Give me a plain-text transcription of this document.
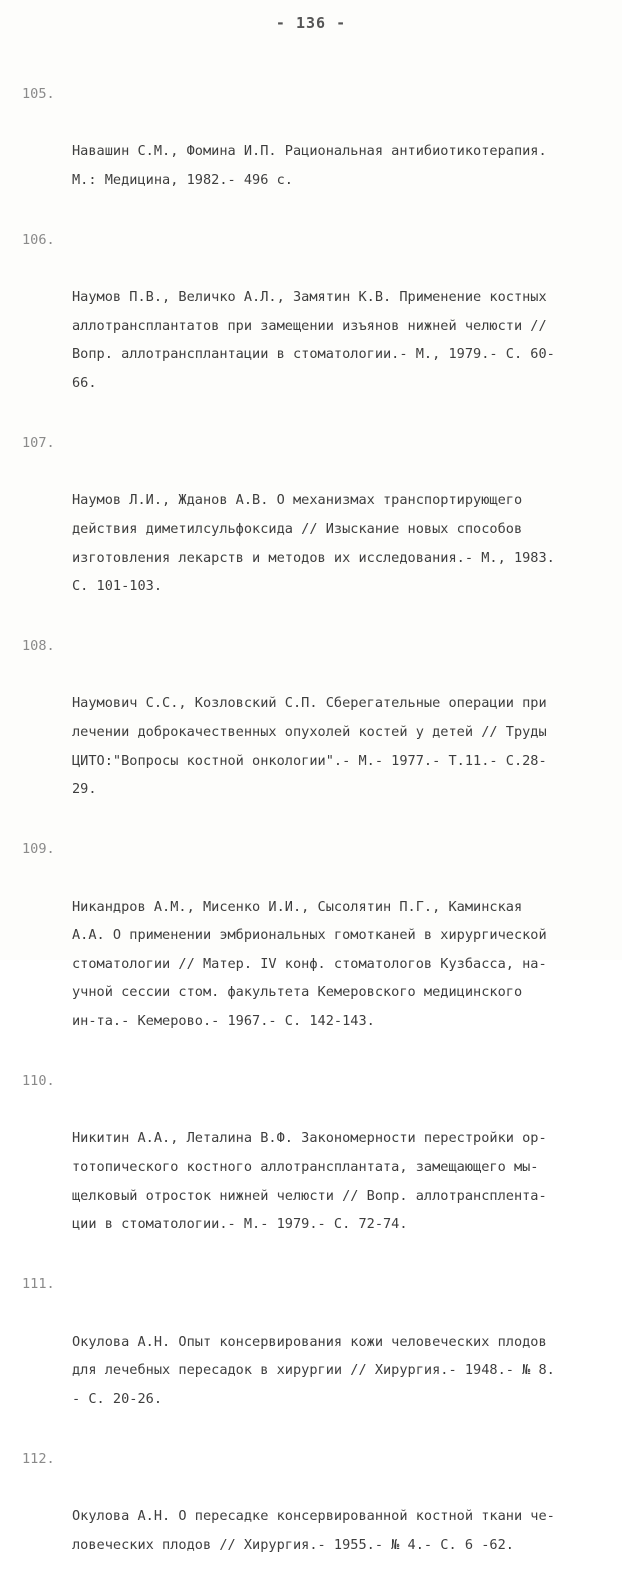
- 136 -

105.

Навашин С.М., Фомина И.П. Рациональная антибиотикотерапия.
М.: Медицина, 1982.- 496 с.

106.

Наумов П.В., Величко А.Л., Замятин К.В. Применение костных
аллотрансплантатов при замещении изъянов нижней челюсти //
Вопр. аллотрансплантации в стоматологии.- М., 1979.- С. 60-
66.

107.

Наумов Л.И., Жданов А.В. О механизмах транспортирующего
действия диметилсульфоксида // Изыскание новых способов
изготовления лекарств и методов их исследования.- М., 1983.
С. 101-103.

108.

Наумович С.С., Козловский С.П. Сберегательные операции при
лечении доброкачественных опухолей костей у детей // Труды
ЦИТО:"Вопросы костной онкологии".- М.- 1977.- Т.11.- С.28-
29.

109.

Никандров А.М., Мисенко И.И., Сысолятин П.Г., Каминская
А.А. О применении эмбриональных гомотканей в хирургической
стоматологии // Матер. IV конф. стоматологов Кузбасса, на-
учной сессии стом. факультета Кемеровского медицинского
ин-та.- Кемерово.- 1967.- С. 142-143.

110.

Никитин А.А., Леталина В.Ф. Закономерности перестройки ор-
тотопического костного аллотрансплантата, замещающего мы-
щелковый отросток нижней челюсти // Вопр. аллотрансплента-
ции в стоматологии.- М.- 1979.- С. 72-74.

111.

Окулова А.Н. Опыт консервирования кожи человеческих плодов
для лечебных пересадок в хирургии // Хирургия.- 1948.- № 8.
- С. 20-26.

112.

Окулова А.Н. О пересадке консервированной костной ткани че-
ловеческих плодов // Хирургия.- 1955.- № 4.- С. 6 -62.
